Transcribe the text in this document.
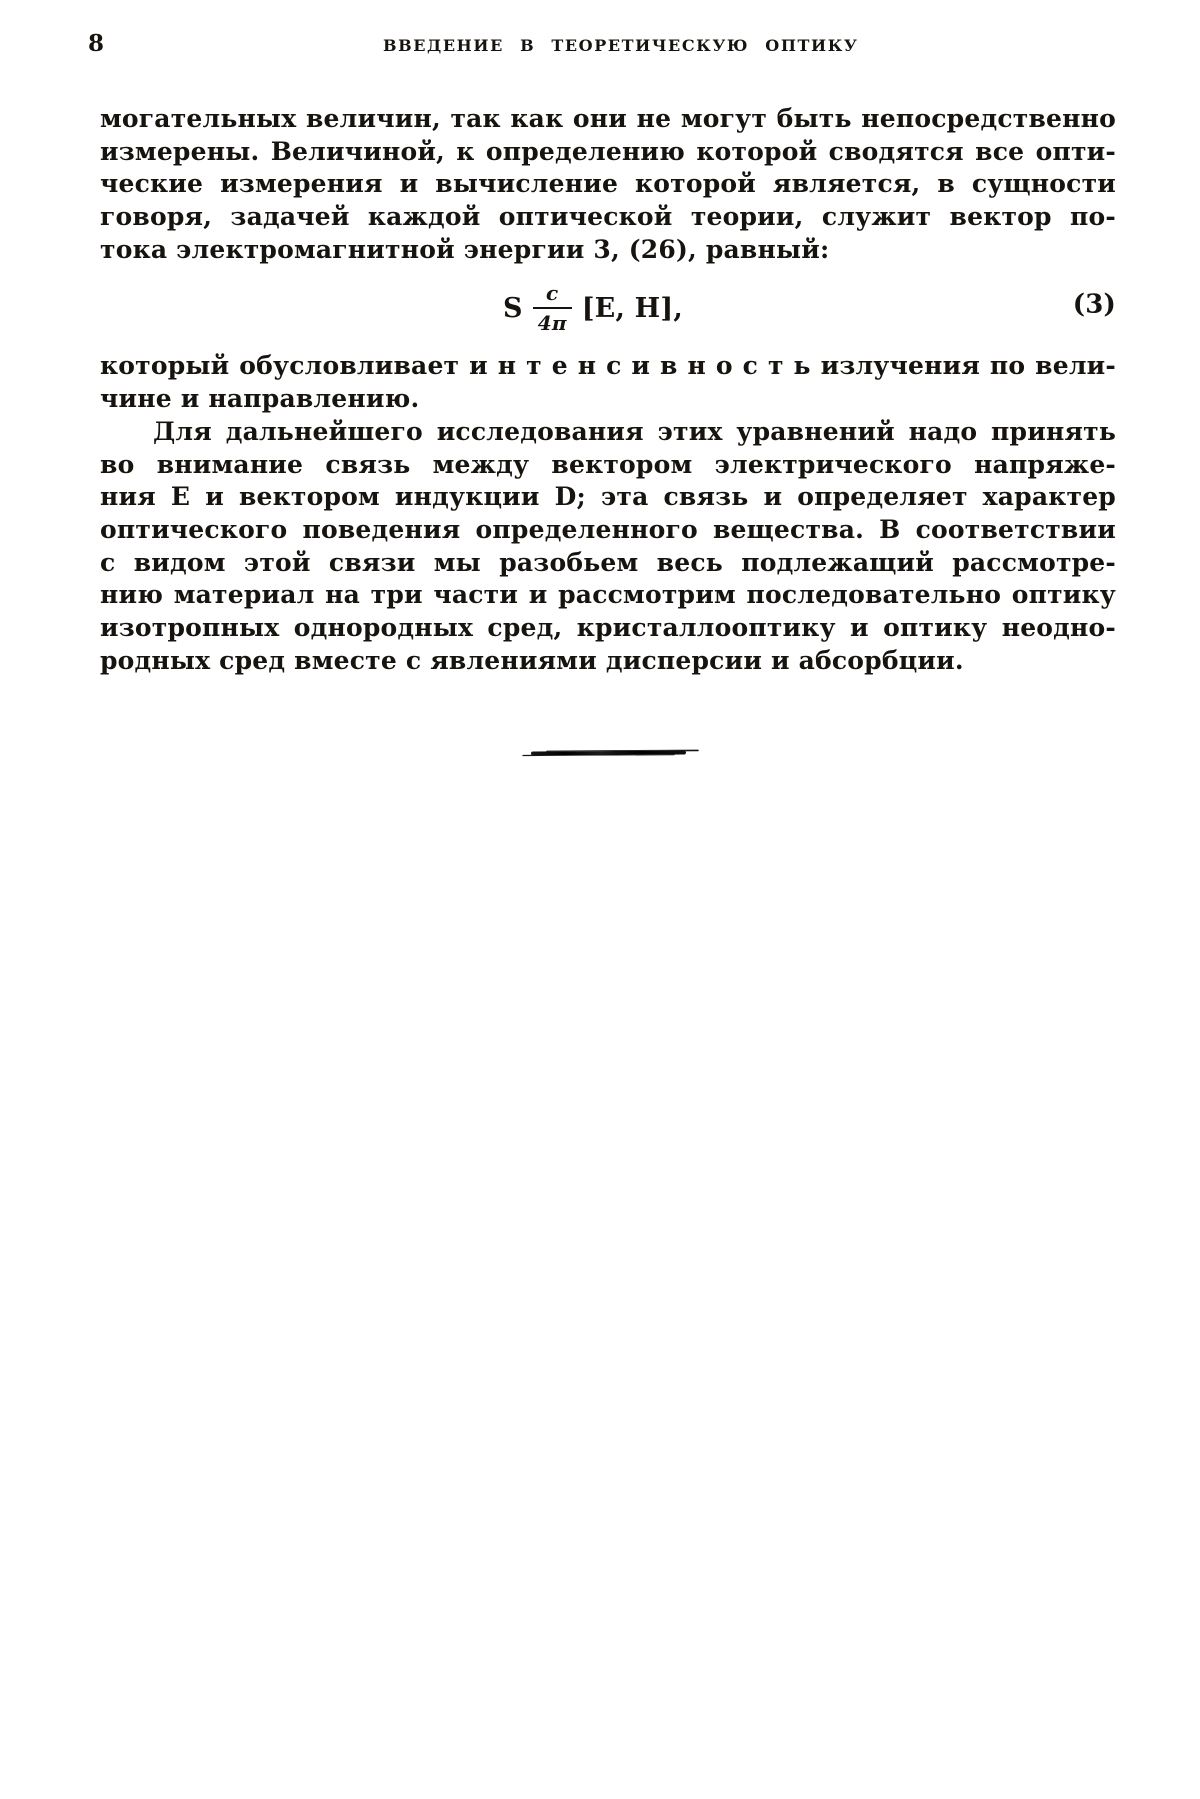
8	ВВЕДЕНИЕ В ТЕОРЕТИЧЕСКУЮ ОПТИКУ
могательных величин, так как они не могут быть непосредственно
измерены. Величиной, к определению которой сводятся все опти-
ческие измерения и вычисление которой является, в сущности
говоря, задачей каждой оптической теории, служит вектор по-
тока электромагнитной энергии 3, (26), равный:
S $\frac{c}{4\pi} [E$, H],	(3)
который обусловливает и н т е н с и в н о с т ь излучения по вели-
чине и направлению.
Для дальнейшего исследования этих уравнений надо принять
во внимание связь между вектором электрического напряже-
ния Е и вектором индукции D; эта связь и определяет характер
оптического поведения определенного вещества. В соответствии
с видом этой связи мы разобьем весь подлежащий рассмотре-
нию материал на три части и рассмотрим последовательно оптику
изотропных однородных сред, кристаллооптику и оптику неодно-
родных сред вместе с явлениями дисперсии и абсорбции.
